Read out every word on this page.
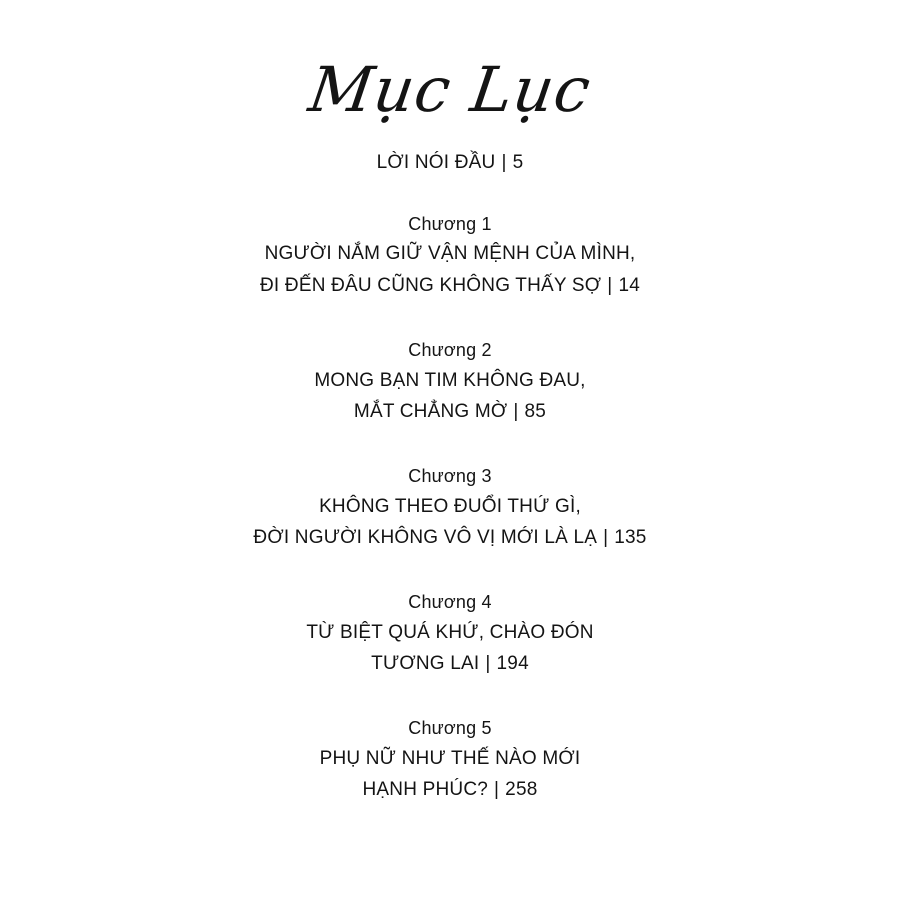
Mục Lục
LỜI NÓI ĐẦU | 5
Chương 1
NGƯỜI NẮM GIỮ VẬN MỆNH CỦA MÌNH,
ĐI ĐẾN ĐÂU CŨNG KHÔNG THẤY SỢ | 14
Chương 2
MONG BẠN TIM KHÔNG ĐAU,
MẮT CHẲNG MỜ | 85
Chương 3
KHÔNG THEO ĐUỔI THỨ GÌ,
ĐỜI NGƯỜI KHÔNG VÔ VỊ MỚI LÀ LẠ | 135
Chương 4
TỪ BIỆT QUÁ KHỨ, CHÀO ĐÓN
TƯƠNG LAI | 194
Chương 5
PHỤ NỮ NHƯ THẾ NÀO MỚI
HẠNH PHÚC? | 258
